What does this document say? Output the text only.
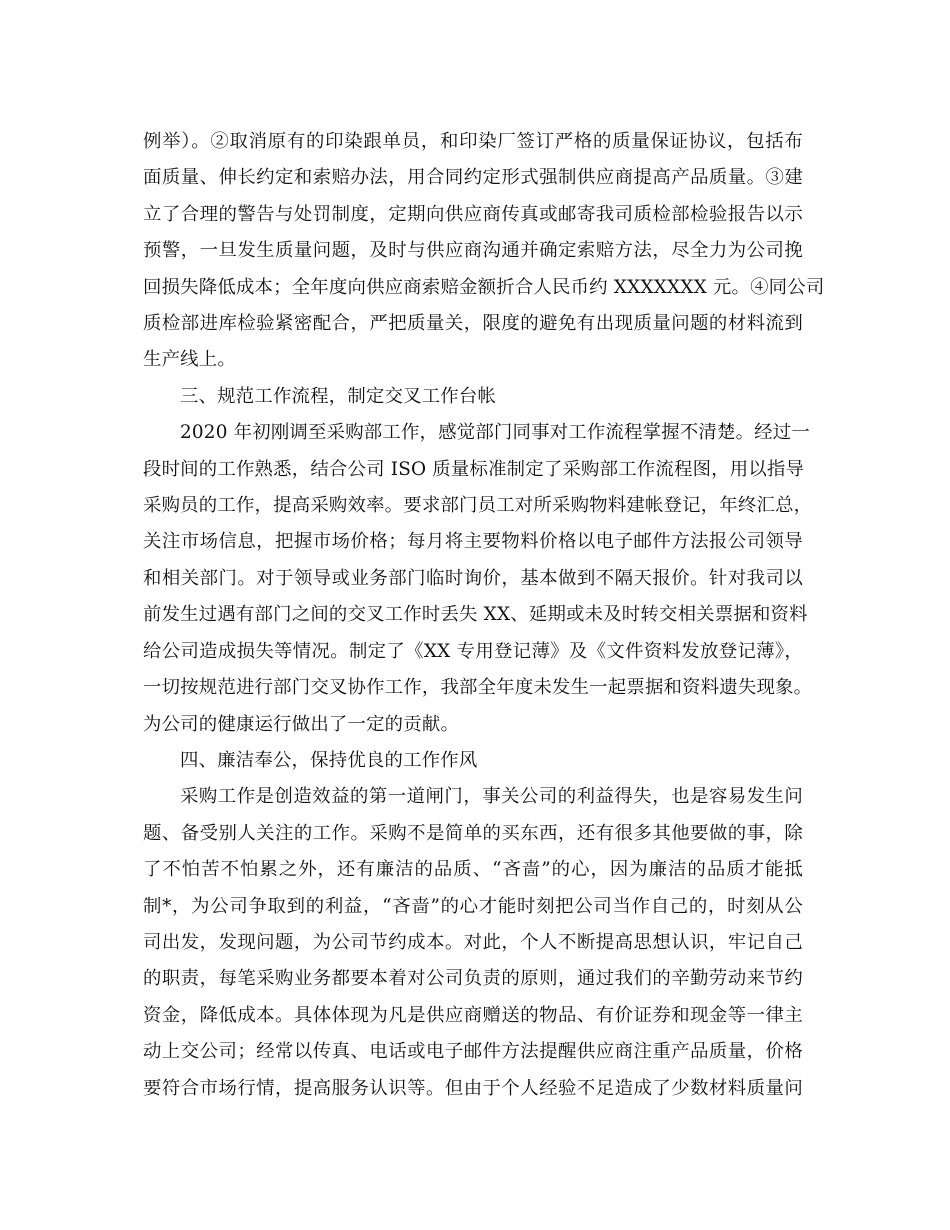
例举）。②取消原有的印染跟单员，和印染厂签订严格的质量保证协议，包括布
面质量、伸长约定和索赔办法，用合同约定形式强制供应商提高产品质量。③建
立了合理的警告与处罚制度，定期向供应商传真或邮寄我司质检部检验报告以示
预警，一旦发生质量问题，及时与供应商沟通并确定索赔方法，尽全力为公司挽
回损失降低成本；全年度向供应商索赔金额折合人民币约 XXXXXXX 元。④同公司
质检部进库检验紧密配合，严把质量关，限度的避免有出现质量问题的材料流到
生产线上。

三、规范工作流程，制定交叉工作台帐

2020 年初刚调至采购部工作，感觉部门同事对工作流程掌握不清楚。经过一
段时间的工作熟悉，结合公司 ISO 质量标准制定了采购部工作流程图，用以指导
采购员的工作，提高采购效率。要求部门员工对所采购物料建帐登记，年终汇总，
关注市场信息，把握市场价格；每月将主要物料价格以电子邮件方法报公司领导
和相关部门。对于领导或业务部门临时询价，基本做到不隔天报价。针对我司以
前发生过遇有部门之间的交叉工作时丢失 XX、延期或未及时转交相关票据和资料
给公司造成损失等情况。制定了《XX 专用登记薄》及《文件资料发放登记薄》，
一切按规范进行部门交叉协作工作，我部全年度未发生一起票据和资料遗失现象。
为公司的健康运行做出了一定的贡献。

四、廉洁奉公，保持优良的工作作风

采购工作是创造效益的第一道闸门，事关公司的利益得失，也是容易发生问
题、备受别人关注的工作。采购不是简单的买东西，还有很多其他要做的事，除
了不怕苦不怕累之外，还有廉洁的品质、“吝啬”的心，因为廉洁的品质才能抵
制*，为公司争取到的利益，“吝啬”的心才能时刻把公司当作自己的，时刻从公
司出发，发现问题，为公司节约成本。对此，个人不断提高思想认识，牢记自己
的职责，每笔采购业务都要本着对公司负责的原则，通过我们的辛勤劳动来节约
资金，降低成本。具体体现为凡是供应商赠送的物品、有价证券和现金等一律主
动上交公司；经常以传真、电话或电子邮件方法提醒供应商注重产品质量，价格
要符合市场行情，提高服务认识等。但由于个人经验不足造成了少数材料质量问
